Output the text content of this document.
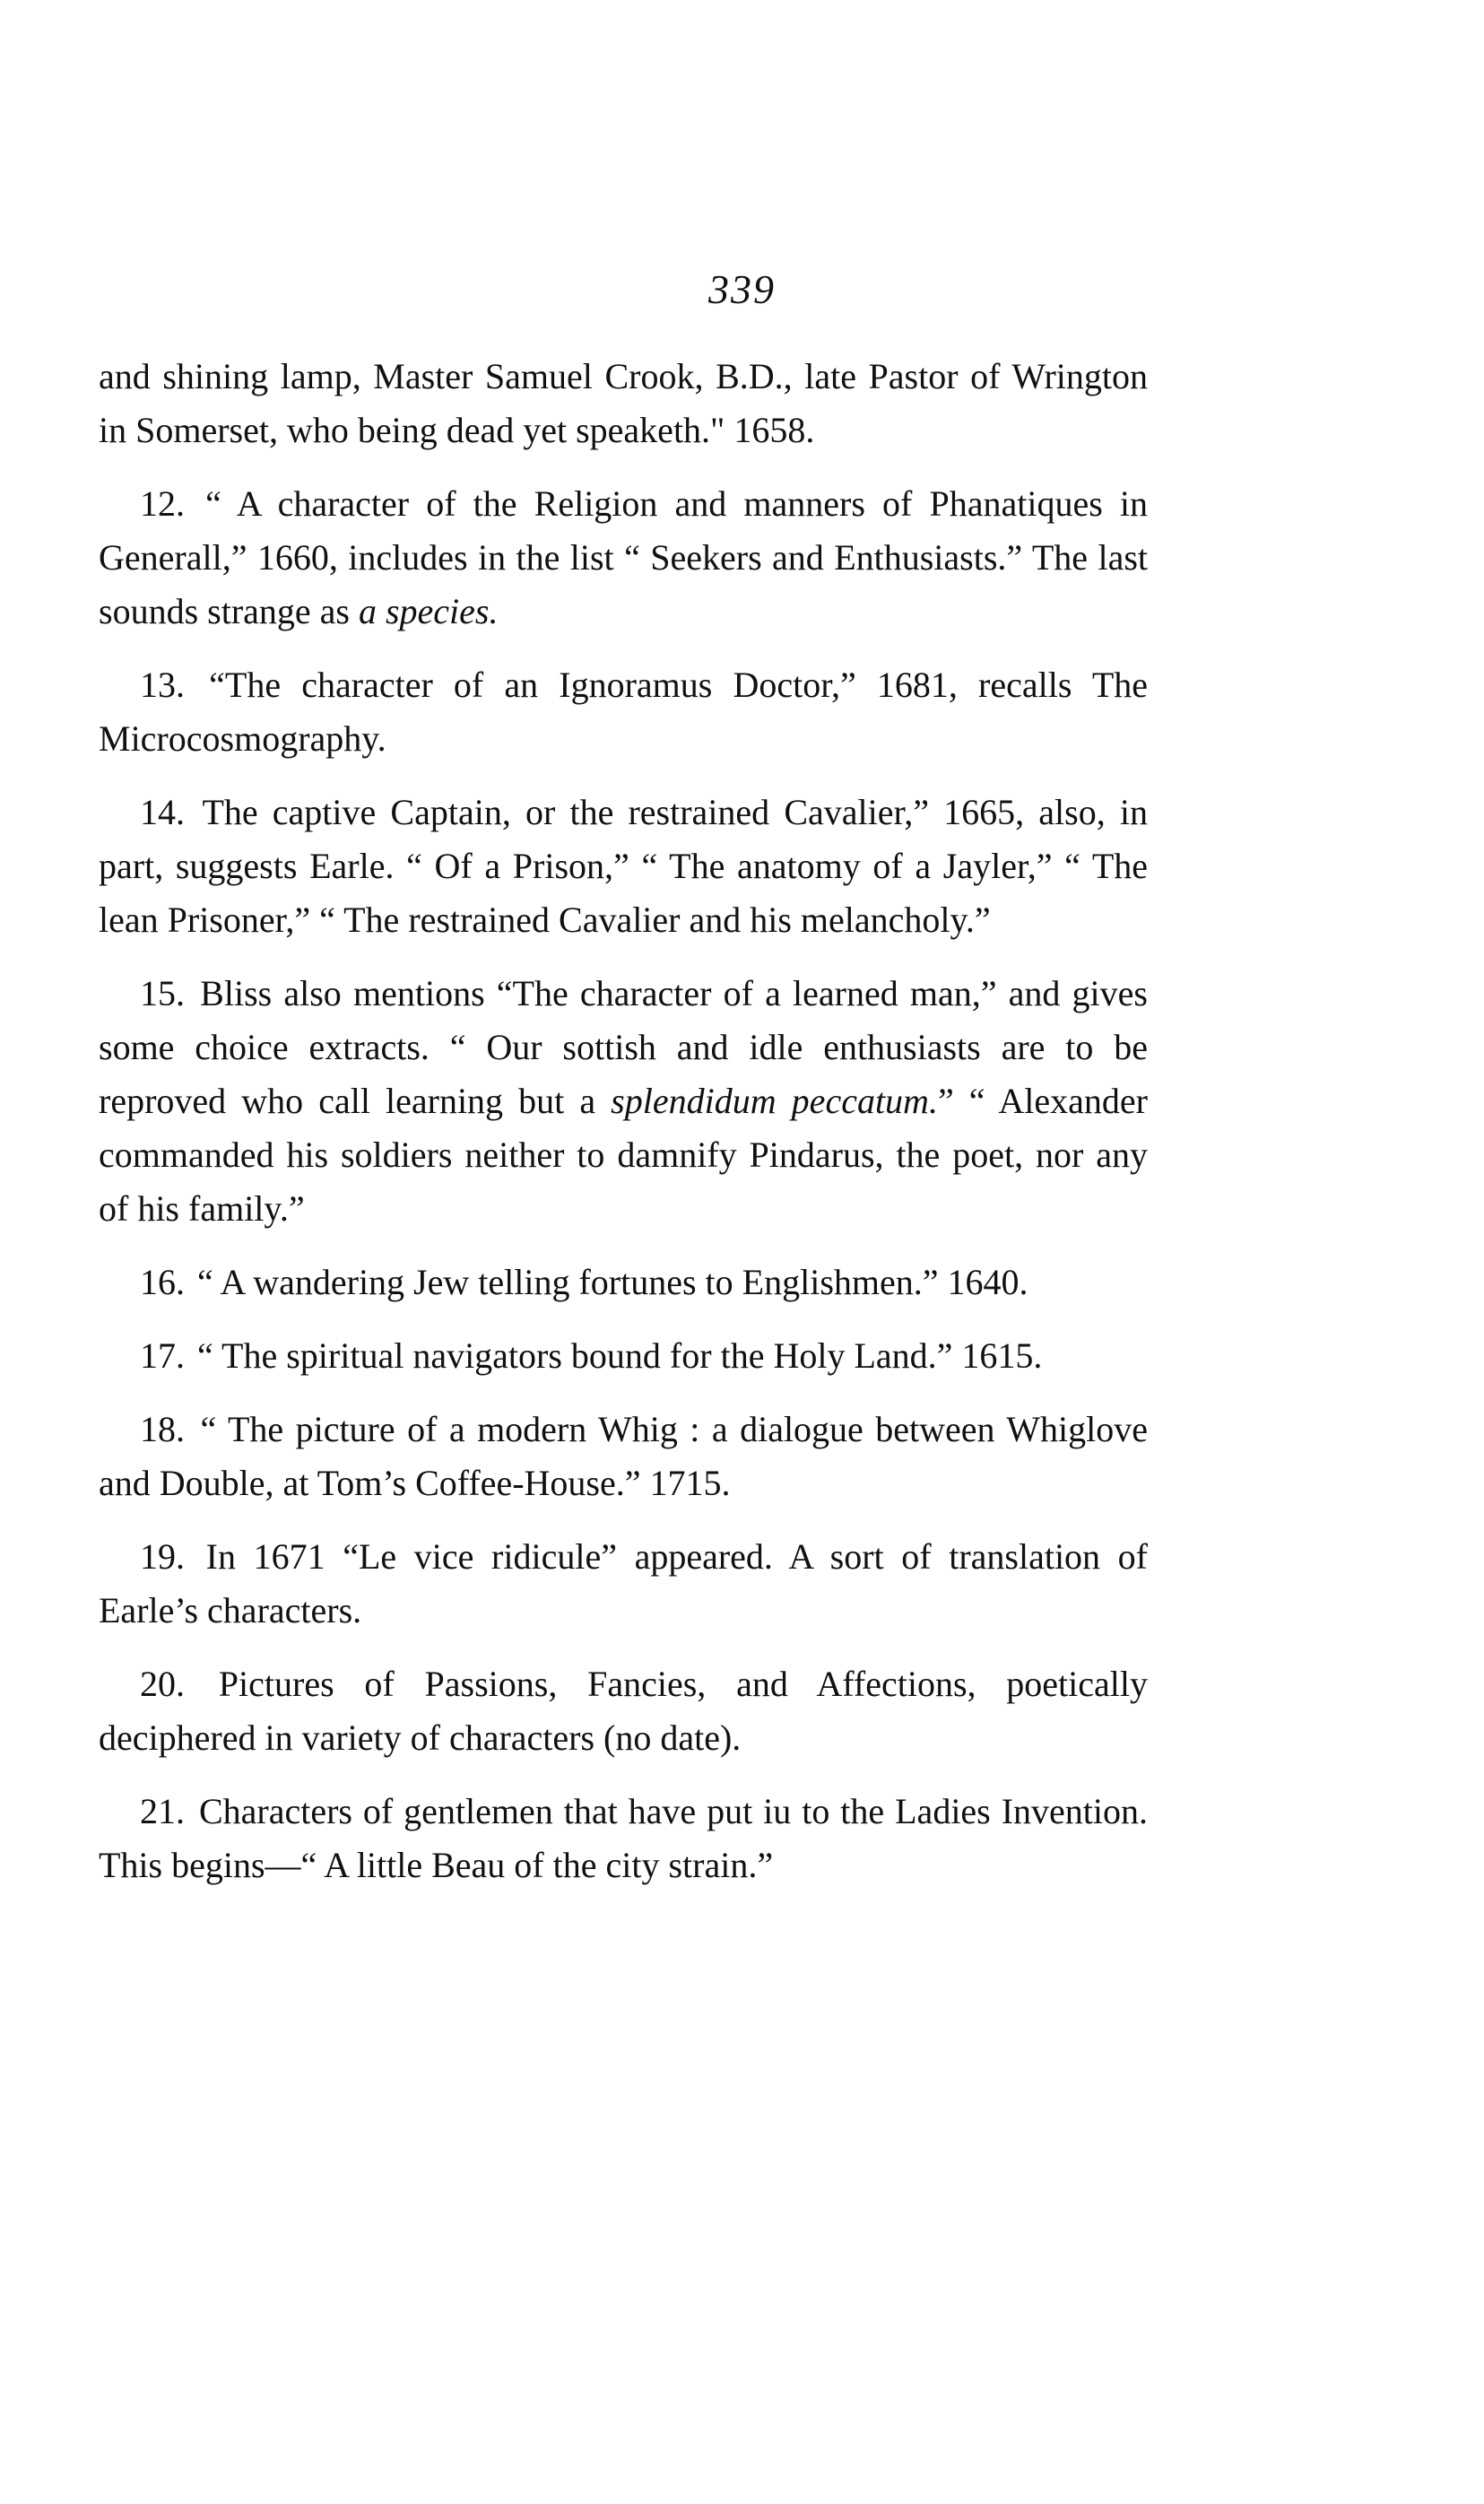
339

and shining lamp, Master Samuel Crook, B.D., late Pastor of Wrington in Somerset, who being dead yet speaketh." 1658.

12. “ A character of the Religion and manners of Phanatiques in Generall,” 1660, includes in the list “ Seekers and Enthusiasts.” The last sounds strange as a species.

13. “The character of an Ignoramus Doctor,” 1681, recalls The Microcosmography.

14. The captive Captain, or the restrained Cavalier,” 1665, also, in part, suggests Earle. “ Of a Prison,” “ The anatomy of a Jayler,” “ The lean Prisoner,” “ The restrained Cavalier and his melancholy.”

15. Bliss also mentions “The character of a learned man,” and gives some choice extracts. “ Our sottish and idle enthusiasts are to be reproved who call learning but a splendidum peccatum.” “ Alexander commanded his soldiers neither to damnify Pindarus, the poet, nor any of his family.”

16. “ A wandering Jew telling fortunes to Englishmen.” 1640.

17. “ The spiritual navigators bound for the Holy Land.” 1615.

18. “ The picture of a modern Whig : a dialogue between Whiglove and Double, at Tom’s Coffee-House.” 1715.

19. In 1671 “Le vice ridicule” appeared. A sort of translation of Earle’s characters.

20. Pictures of Passions, Fancies, and Affections, poetically deciphered in variety of characters (no date).

21. Characters of gentlemen that have put iu to the Ladies Invention. This begins—“ A little Beau of the city strain.”
